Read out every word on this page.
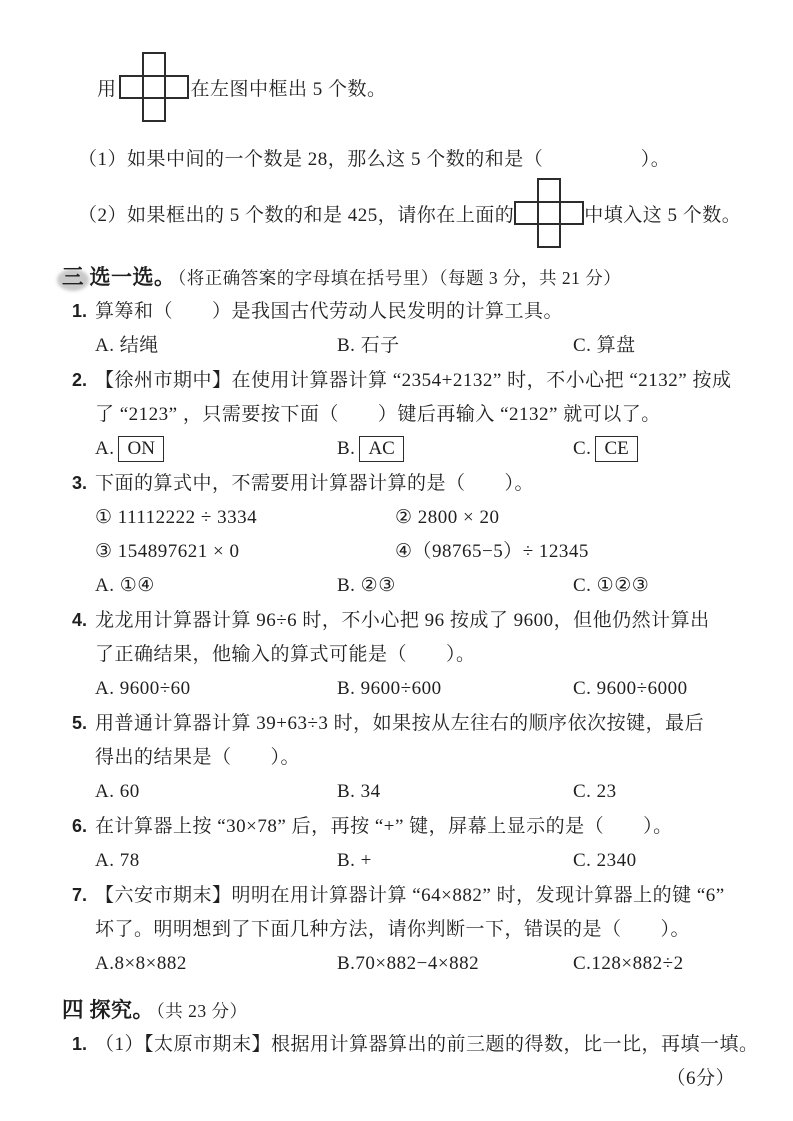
用	在左图中框出 5 个数。
（1）如果中间的一个数是 28，那么这 5 个数的和是（　　　　　）。
（2）如果框出的 5 个数的和是 425，请你在上面的	中填入这 5 个数。
三 选一选。 （将正确答案的字母填在括号里）（每题 3 分，共 21 分）
1. 算筹和（　　）是我国古代劳动人民发明的计算工具。
A. 结绳	B. 石子	C. 算盘
2. 【徐州市期中】在使用计算器计算 “2354+2132” 时，不小心把 “2132” 按成
了 “2123” ，只需要按下面（　　）键后再输入 “2132” 就可以了。
A. ON	B. AC	C. CE
3. 下面的算式中，不需要用计算器计算的是（　　）。
① 11112222 ÷ 3334	② 2800 × 20
③ 154897621 × 0	④（98765−5）÷ 12345
A. ①④	B. ②③	C. ①②③
4. 龙龙用计算器计算 96÷6 时，不小心把 96 按成了 9600，但他仍然计算出
了正确结果，他输入的算式可能是（　　）。
A. 9600÷60	B. 9600÷600	C. 9600÷6000
5. 用普通计算器计算 39+63÷3 时，如果按从左往右的顺序依次按键，最后
得出的结果是（　　）。
A. 60	B. 34	C. 23
6. 在计算器上按 “30×78” 后，再按 “+” 键，屏幕上显示的是（　　）。
A. 78	B. +	C. 2340
7. 【六安市期末】明明在用计算器计算 “64×882” 时，发现计算器上的键 “6”
坏了。明明想到了下面几种方法，请你判断一下，错误的是（　　）。
A.8×8×882	B.70×882−4×882	C.128×882÷2
四 探究。 （共 23 分）
1. （1）【太原市期末】根据用计算器算出的前三题的得数，比一比，再填一填。
（6分）
